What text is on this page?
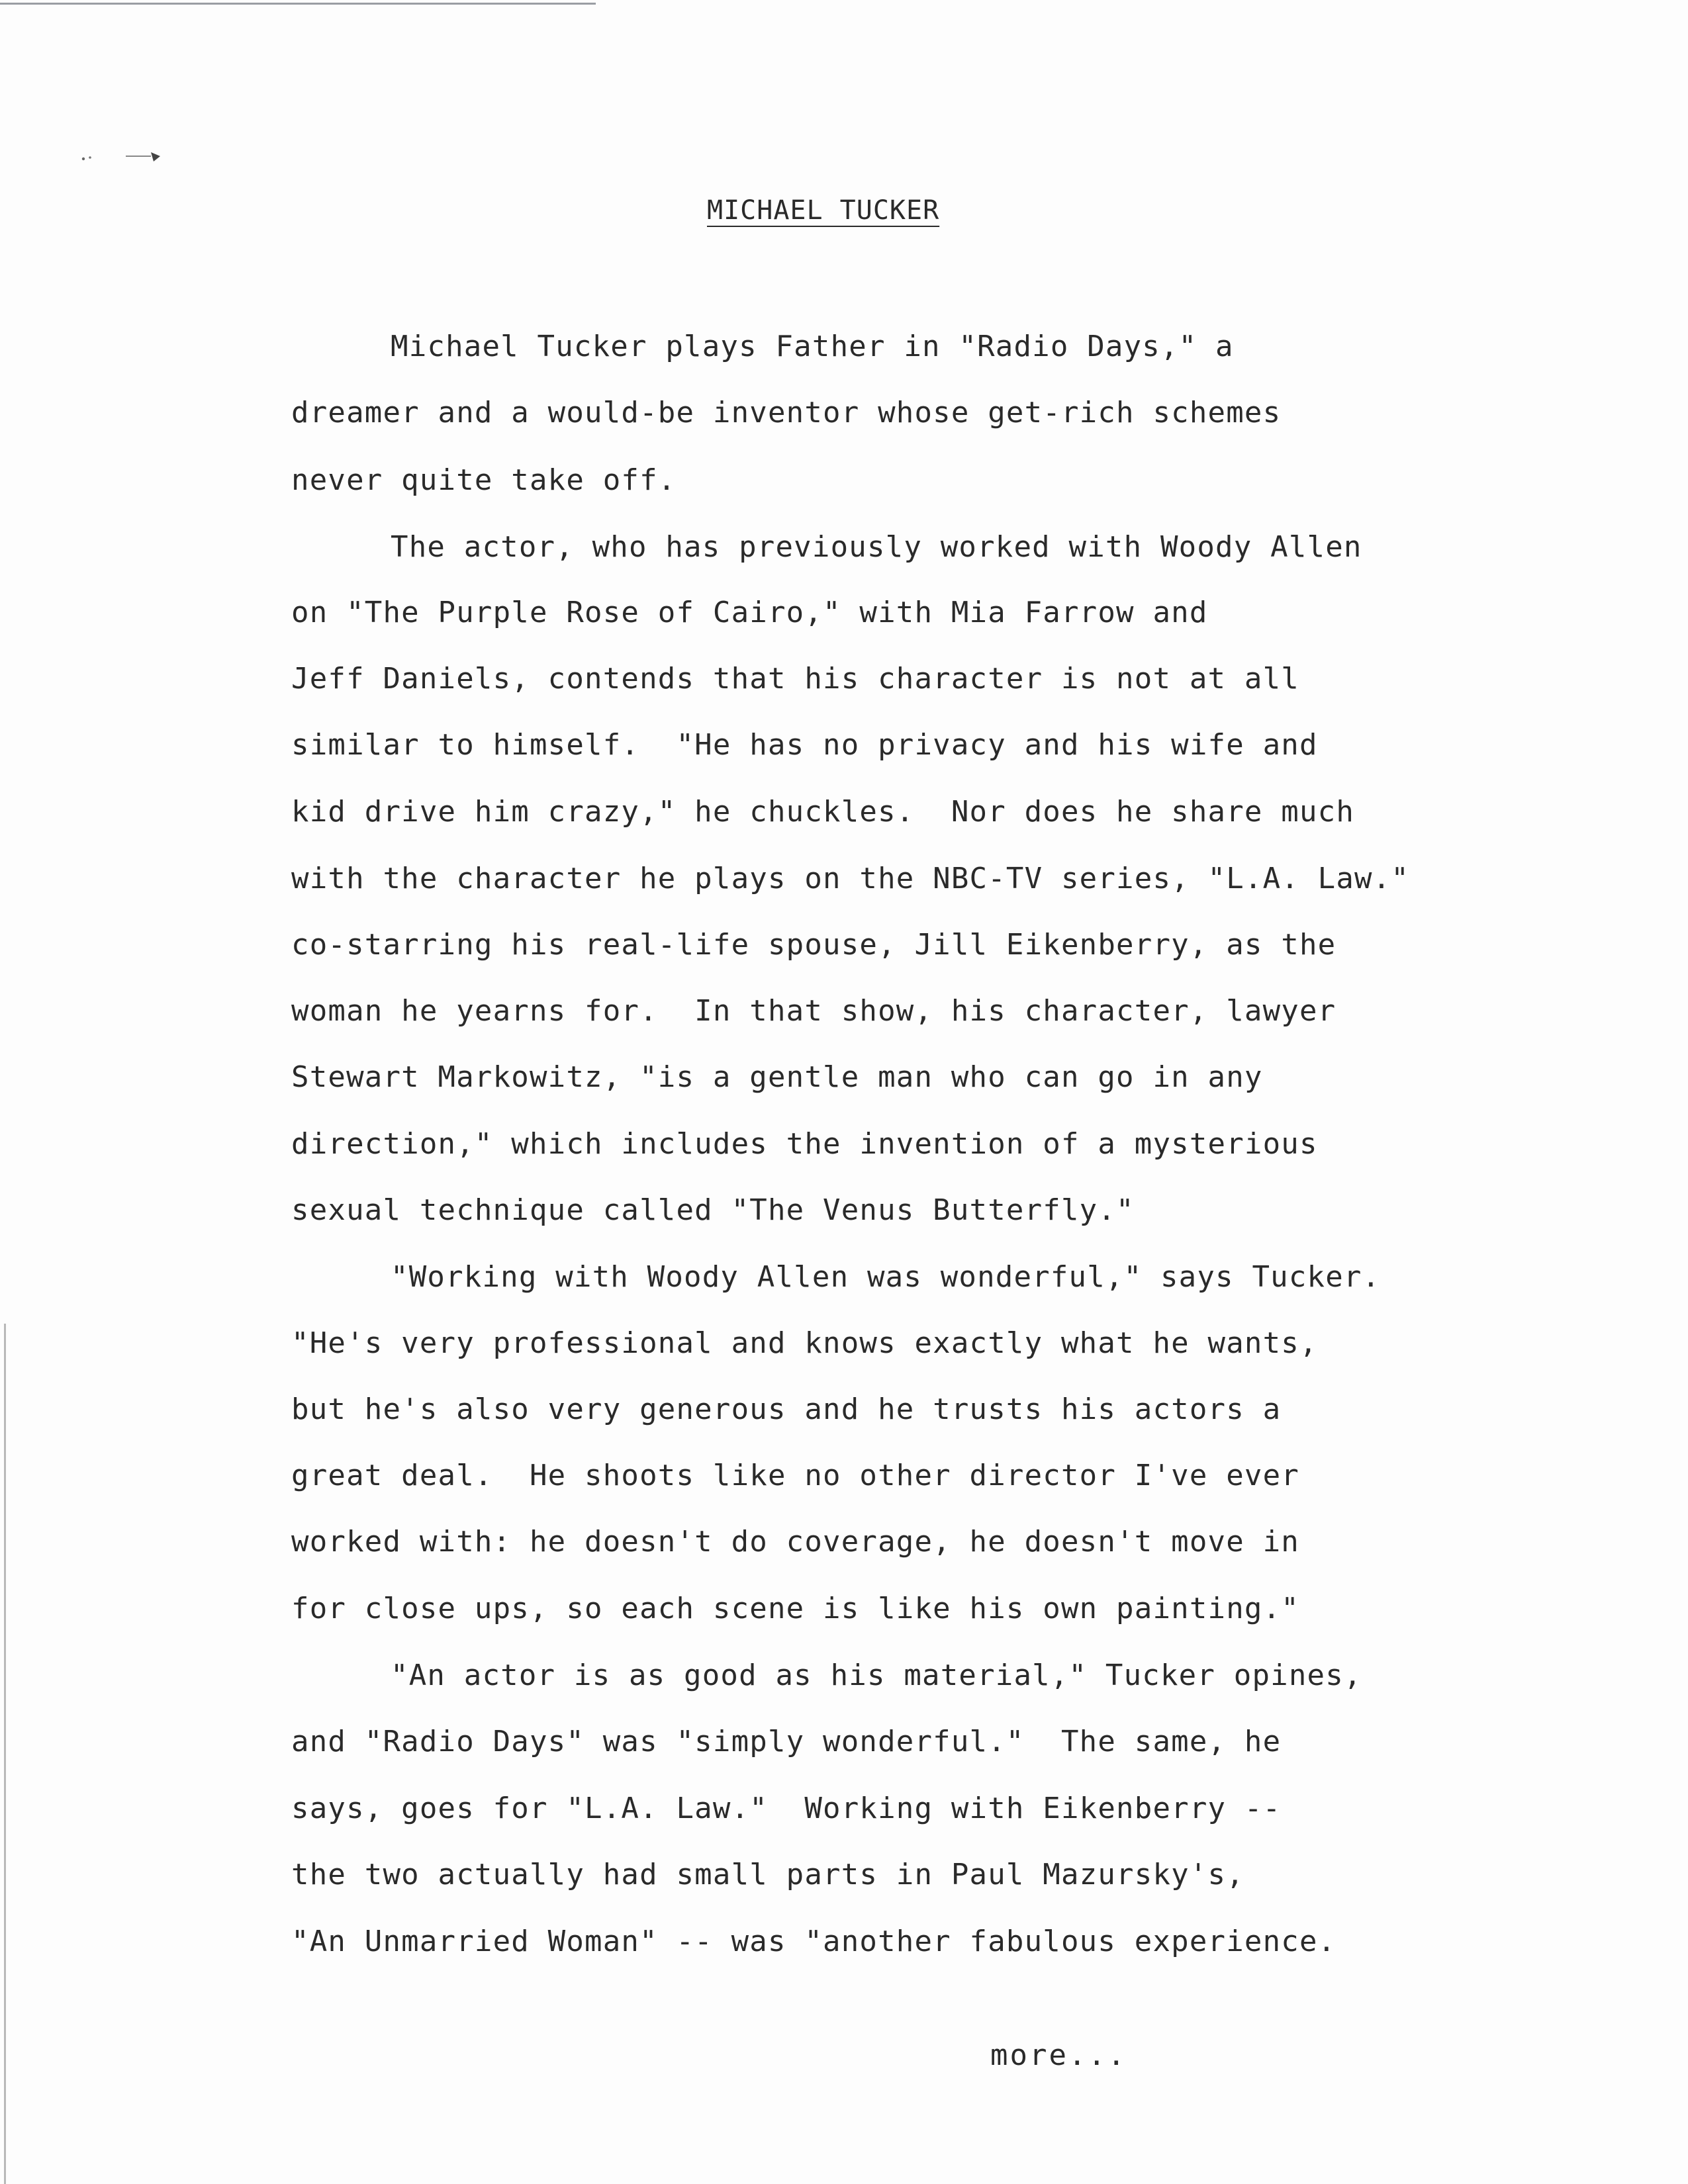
MICHAEL TUCKER
Michael Tucker plays Father in "Radio Days," a
dreamer and a would-be inventor whose get-rich schemes
never quite take off.
The actor, who has previously worked with Woody Allen
on "The Purple Rose of Cairo," with Mia Farrow and
Jeff Daniels, contends that his character is not at all
similar to himself.  "He has no privacy and his wife and
kid drive him crazy," he chuckles.  Nor does he share much
with the character he plays on the NBC-TV series, "L.A. Law."
co-starring his real-life spouse, Jill Eikenberry, as the
woman he yearns for.  In that show, his character, lawyer
Stewart Markowitz, "is a gentle man who can go in any
direction," which includes the invention of a mysterious
sexual technique called "The Venus Butterfly."
"Working with Woody Allen was wonderful," says Tucker.
"He's very professional and knows exactly what he wants,
but he's also very generous and he trusts his actors a
great deal.  He shoots like no other director I've ever
worked with: he doesn't do coverage, he doesn't move in
for close ups, so each scene is like his own painting."
"An actor is as good as his material," Tucker opines,
and "Radio Days" was "simply wonderful."  The same, he
says, goes for "L.A. Law."  Working with Eikenberry --
the two actually had small parts in Paul Mazursky's,
"An Unmarried Woman" -- was "another fabulous experience.
more...
